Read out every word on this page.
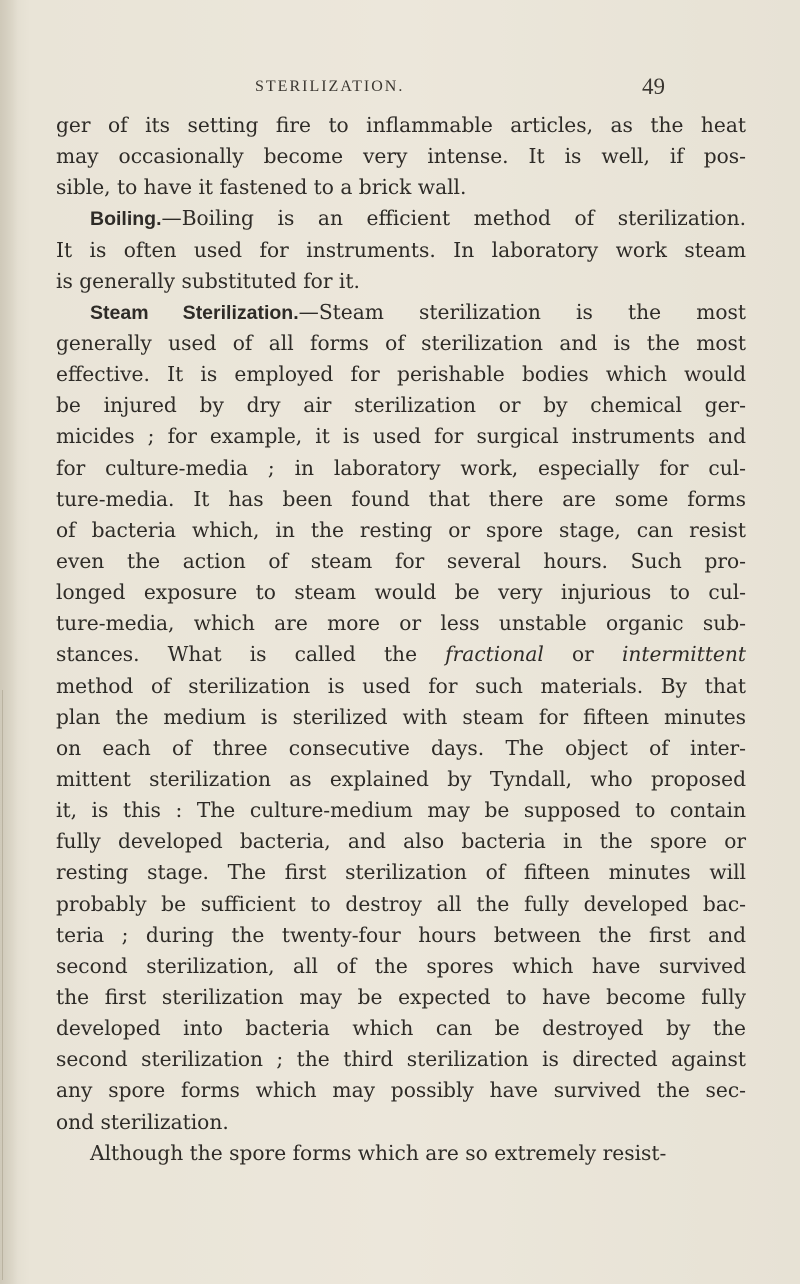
STERILIZATION.	49
ger of its setting fire to inflammable articles, as the heat
may occasionally become very intense. It is well, if pos-
sible, to have it fastened to a brick wall.
Boiling.—Boiling is an efficient method of sterilization.
It is often used for instruments. In laboratory work steam
is generally substituted for it.
Steam Sterilization.—Steam sterilization is the most
generally used of all forms of sterilization and is the most
effective. It is employed for perishable bodies which would
be injured by dry air sterilization or by chemical ger-
micides ; for example, it is used for surgical instruments and
for culture-media ; in laboratory work, especially for cul-
ture-media. It has been found that there are some forms
of bacteria which, in the resting or spore stage, can resist
even the action of steam for several hours. Such pro-
longed exposure to steam would be very injurious to cul-
ture-media, which are more or less unstable organic sub-
stances. What is called the fractional or intermittent
method of sterilization is used for such materials. By that
plan the medium is sterilized with steam for fifteen minutes
on each of three consecutive days. The object of inter-
mittent sterilization as explained by Tyndall, who proposed
it, is this : The culture-medium may be supposed to contain
fully developed bacteria, and also bacteria in the spore or
resting stage. The first sterilization of fifteen minutes will
probably be sufficient to destroy all the fully developed bac-
teria ; during the twenty-four hours between the first and
second sterilization, all of the spores which have survived
the first sterilization may be expected to have become fully
developed into bacteria which can be destroyed by the
second sterilization ; the third sterilization is directed against
any spore forms which may possibly have survived the sec-
ond sterilization.
Although the spore forms which are so extremely resist-
